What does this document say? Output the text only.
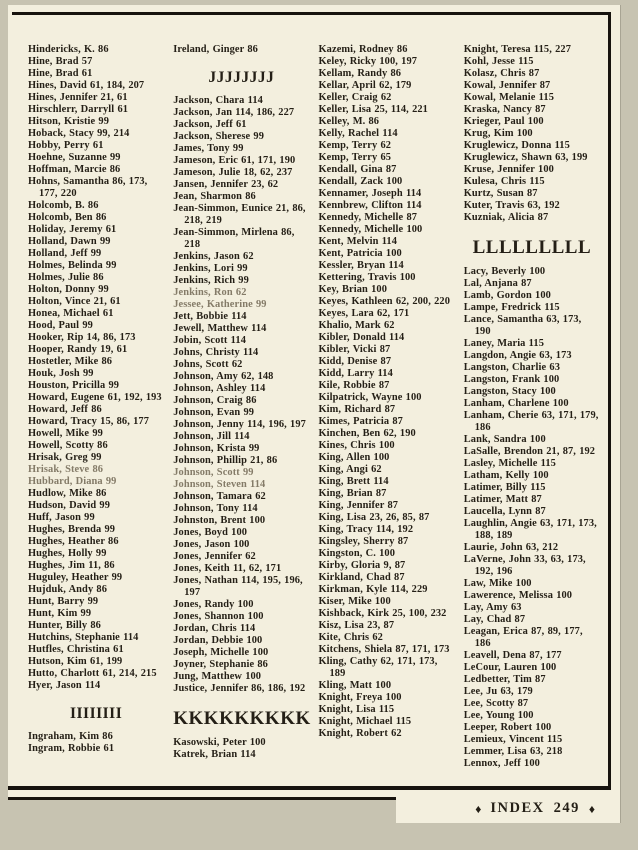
Hindericks, K. 86
Hine, Brad 57
Hine, Brad 61
Hines, David 61, 184, 207
Hines, Jennifer 21, 61
Hirschlerr, Darryll 61
Hitson, Kristie 99
Hoback, Stacy 99, 214
Hobby, Perry 61
Hoehne, Suzanne 99
Hoffman, Marcie 86
Hohns, Samantha 86, 173, 177, 220
Holcomb, B. 86
Holcomb, Ben 86
Holiday, Jeremy 61
Holland, Dawn 99
Holland, Jeff 99
Holmes, Belinda 99
Holmes, Julie 86
Holton, Donny 99
Holton, Vince 21, 61
Honea, Michael 61
Hood, Paul 99
Hooker, Rip 14, 86, 173
Hooper, Randy 19, 61
Hostetler, Mike 86
Houk, Josh 99
Houston, Pricilla 99
Howard, Eugene 61, 192, 193
Howard, Jeff 86
Howard, Tracy 15, 86, 177
Howell, Mike 99
Howell, Scotty 86
Hrisak, Greg 99
Hrisak, Steve 86
Hubbard, Diana 99
Hudlow, Mike 86
Hudson, David 99
Huff, Jason 99
Hughes, Brenda 99
Hughes, Heather 86
Hughes, Holly 99
Hughes, Jim 11, 86
Huguley, Heather 99
Hujduk, Andy 86
Hunt, Barry 99
Hunt, Kim 99
Hunter, Billy 86
Hutchins, Stephanie 114
Hutfles, Christina 61
Hutson, Kim 61, 199
Hutto, Charlott 61, 214, 215
Hyer, Jason 114
IIIIIIII
Ingraham, Kim 86
Ingram, Robbie 61
Ireland, Ginger 86
JJJJJJJJ
Jackson, Chara 114
Jackson, Jan 114, 186, 227
Jackson, Jeff 61
Jackson, Sherese 99
James, Tony 99
Jameson, Eric 61, 171, 190
Jameson, Julie 18, 62, 237
Jansen, Jennifer 23, 62
Jean, Sharmon 86
Jean-Simmon, Eunice 21, 86, 218, 219
Jean-Simmon, Mirlena 86, 218
Jenkins, Jason 62
Jenkins, Lori 99
Jenkins, Rich 99
Jenkins, Ron 62
Jessee, Katherine 99
Jett, Bobbie 114
Jewell, Matthew 114
Jobin, Scott 114
Johns, Christy 114
Johns, Scott 62
Johnson, Amy 62, 148
Johnson, Ashley 114
Johnson, Craig 86
Johnson, Evan 99
Johnson, Jenny 114, 196, 197
Johnson, Jill 114
Johnson, Krista 99
Johnson, Phillip 21, 86
Johnson, Scott 99
Johnson, Steven 114
Johnson, Tamara 62
Johnson, Tony 114
Johnston, Brent 100
Jones, Boyd 100
Jones, Jason 100
Jones, Jennifer 62
Jones, Keith 11, 62, 171
Jones, Nathan 114, 195, 196, 197
Jones, Randy 100
Jones, Shannon 100
Jordan, Chris 114
Jordan, Debbie 100
Joseph, Michelle 100
Joyner, Stephanie 86
Jung, Matthew 100
Justice, Jennifer 86, 186, 192
KKKKKKKKK
Kasowski, Peter 100
Katrek, Brian 114
Kazemi, Rodney 86
Keley, Ricky 100, 197
Kellam, Randy 86
Kellar, April 62, 179
Keller, Craig 62
Keller, Lisa 25, 114, 221
Kelley, M. 86
Kelly, Rachel 114
Kemp, Terry 62
Kemp, Terry 65
Kendall, Gina 87
Kendall, Zack 100
Kennamer, Joseph 114
Kennbrew, Clifton 114
Kennedy, Michelle 87
Kennedy, Michelle 100
Kent, Melvin 114
Kent, Patricia 100
Kessler, Bryan 114
Kettering, Travis 100
Key, Brian 100
Keyes, Kathleen 62, 200, 220
Keyes, Lara 62, 171
Khalio, Mark 62
Kibler, Donald 114
Kibler, Vicki 87
Kidd, Denise 87
Kidd, Larry 114
Kile, Robbie 87
Kilpatrick, Wayne 100
Kim, Richard 87
Kimes, Patricia 87
Kinchen, Ben 62, 190
Kines, Chris 100
King, Allen 100
King, Angi 62
King, Brett 114
King, Brian 87
King, Jennifer 87
King, Lisa 23, 26, 85, 87
King, Tracy 114, 192
Kingsley, Sherry 87
Kingston, C. 100
Kirby, Gloria 9, 87
Kirkland, Chad 87
Kirkman, Kyle 114, 229
Kiser, Mike 100
Kishback, Kirk 25, 100, 232
Kisz, Lisa 23, 87
Kite, Chris 62
Kitchens, Shiela 87, 171, 173
Kling, Cathy 62, 171, 173, 189
Kling, Matt 100
Knight, Freya 100
Knight, Lisa 115
Knight, Michael 115
Knight, Robert 62
Knight, Teresa 115, 227
Kohl, Jesse 115
Kolasz, Chris 87
Kowal, Jennifer 87
Kowal, Melanie 115
Kraska, Nancy 87
Krieger, Paul 100
Krug, Kim 100
Kruglewicz, Donna 115
Kruglewicz, Shawn 63, 199
Kruse, Jennifer 100
Kulesa, Chris 115
Kurtz, Susan 87
Kuter, Travis 63, 192
Kuzniak, Alicia 87
LLLLLLLLL
Lacy, Beverly 100
Lal, Anjana 87
Lamb, Gordon 100
Lampe, Fredrick 115
Lance, Samantha 63, 173, 190
Laney, Maria 115
Langdon, Angie 63, 173
Langston, Charlie 63
Langston, Frank 100
Langston, Stacy 100
Lanham, Charlene 100
Lanham, Cherie 63, 171, 179, 186
Lank, Sandra 100
LaSalle, Brendon 21, 87, 192
Lasley, Michelle 115
Latham, Kelly 100
Latimer, Billy 115
Latimer, Matt 87
Laucella, Lynn 87
Laughlin, Angie 63, 171, 173, 188, 189
Laurie, John 63, 212
LaVerne, John 33, 63, 173, 192, 196
Law, Mike 100
Lawerence, Melissa 100
Lay, Amy 63
Lay, Chad 87
Leagan, Erica 87, 89, 177, 186
Leavell, Dena 87, 177
LeCour, Lauren 100
Ledbetter, Tim 87
Lee, Ju 63, 179
Lee, Scotty 87
Lee, Young 100
Leeper, Robert 100
Lemieux, Vincent 115
Lemmer, Lisa 63, 218
Lennox, Jeff 100
♦ INDEX 249 ♦
